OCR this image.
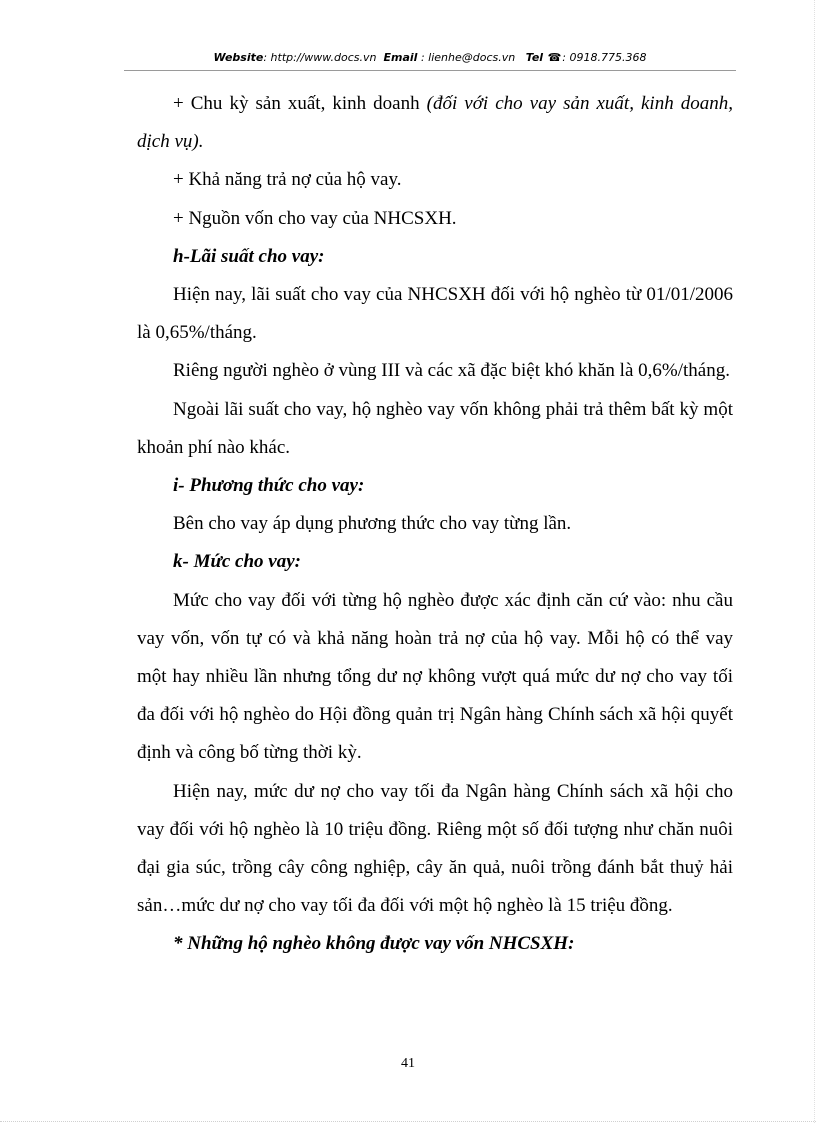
Website: http://www.docs.vn Email : lienhe@docs.vn Tel ☎: 0918.775.368

+ Chu kỳ sản xuất, kinh doanh (đối với cho vay sản xuất, kinh doanh, dịch vụ).

+ Khả năng trả nợ của hộ vay.

+ Nguồn vốn cho vay của NHCSXH.

h-Lãi suất cho vay:

Hiện nay, lãi suất cho vay của NHCSXH đối với hộ nghèo từ 01/01/2006 là 0,65%/tháng.

Riêng người nghèo ở vùng III và các xã đặc biệt khó khăn là 0,6%/tháng.

Ngoài lãi suất cho vay, hộ nghèo vay vốn không phải trả thêm bất kỳ một khoản phí nào khác.

i- Phương thức cho vay:

Bên cho vay áp dụng phương thức cho vay từng lần.

k- Mức cho vay:

Mức cho vay đối với từng hộ nghèo được xác định căn cứ vào: nhu cầu vay vốn, vốn tự có và khả năng hoàn trả nợ của hộ vay. Mỗi hộ có thể vay một hay nhiều lần nhưng tổng dư nợ không vượt quá mức dư nợ cho vay tối đa đối với hộ nghèo do Hội đồng quản trị Ngân hàng Chính sách xã hội quyết định và công bố từng thời kỳ.

Hiện nay, mức dư nợ cho vay tối đa Ngân hàng Chính sách xã hội cho vay đối với hộ nghèo là 10 triệu đồng. Riêng một số đối tượng như chăn nuôi đại gia súc, trồng cây công nghiệp, cây ăn quả, nuôi trồng đánh bắt thuỷ hải sản…mức dư nợ cho vay tối đa đối với một hộ nghèo là 15 triệu đồng.

* Những hộ nghèo không được vay vốn NHCSXH:

41
